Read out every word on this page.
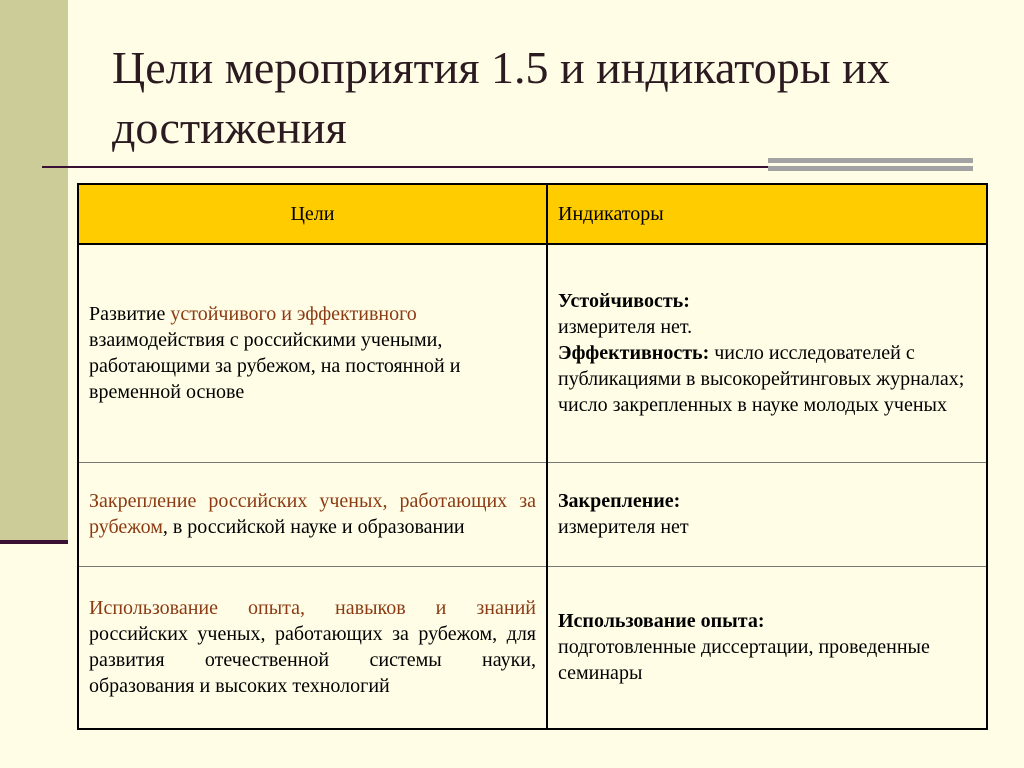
Цели мероприятия 1.5 и индикаторы их достижения
Цели	Индикаторы
Развитие устойчивого и эффективного взаимодействия с российскими учеными, работающими за рубежом, на постоянной и временной основе	Устойчивость:
измерителя нет.
Эффективность: число исследователей с публикациями в высокорейтинговых журналах;
число закрепленных в науке молодых ученых

Закрепление российских ученых, работающих за рубежом, в российской науке и образовании	Закрепление:
измерителя нет

Использование опыта, навыков и знаний российских ученых, работающих за рубежом, для развития отечественной системы науки, образования и высоких технологий	Использование опыта:
подготовленные диссертации, проведенные семинары
